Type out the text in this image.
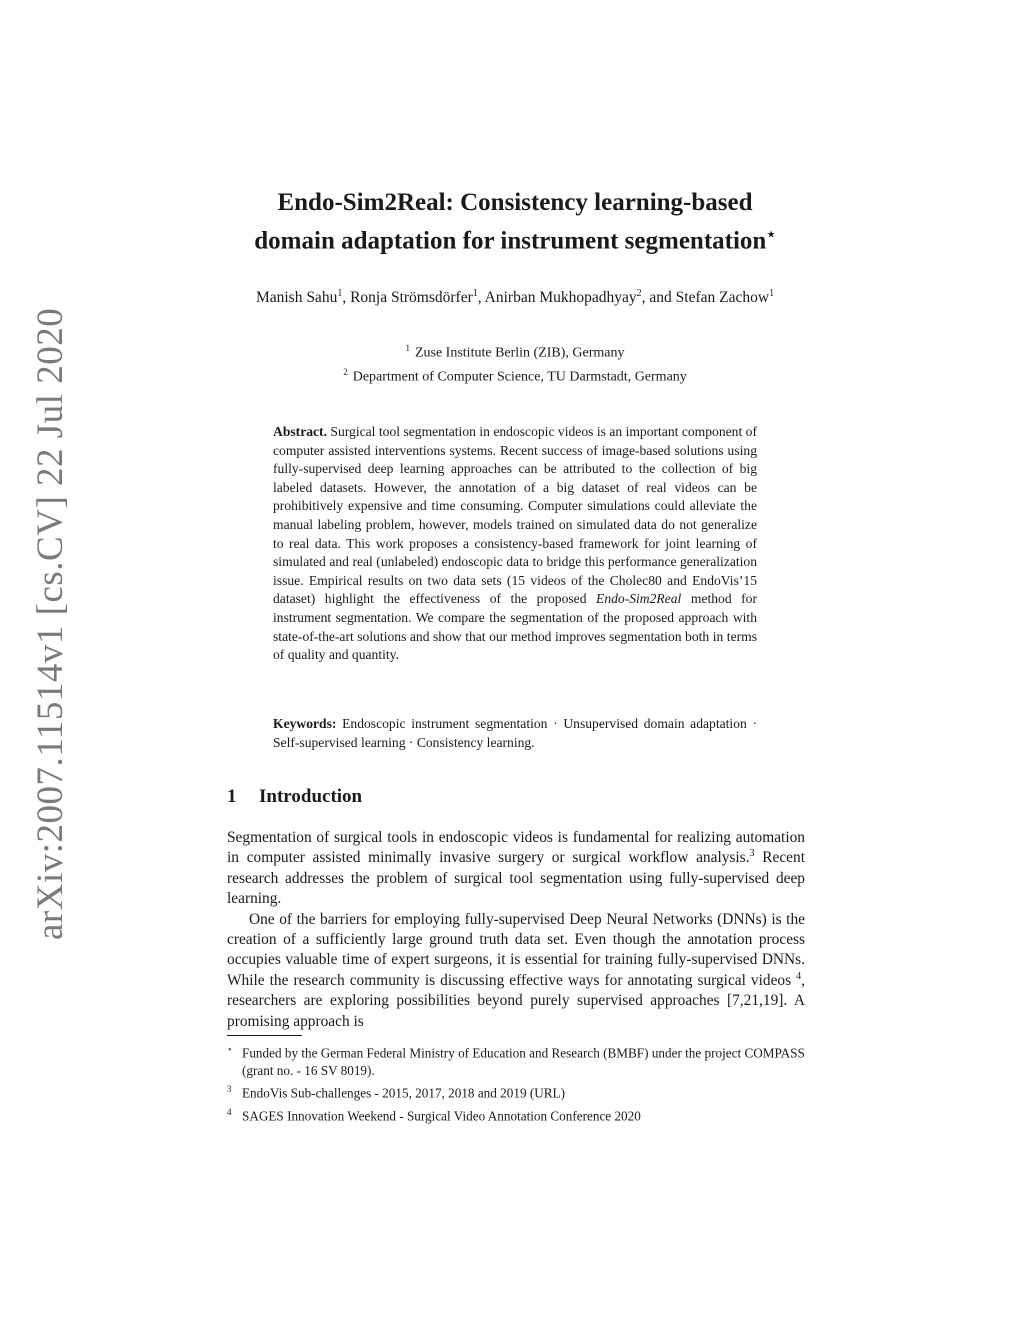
arXiv:2007.11514v1 [cs.CV] 22 Jul 2020
Endo-Sim2Real: Consistency learning-based
domain adaptation for instrument segmentation⋆
Manish Sahu$^1$, Ronja Strömsdörfer$^1$, Anirban Mukhopadhyay$^2$, and Stefan Zachow$^1$
$^1$ Zuse Institute Berlin (ZIB), Germany
$^2$ Department of Computer Science, TU Darmstadt, Germany

Abstract. Surgical tool segmentation in endoscopic videos is an important component of computer assisted interventions systems. Recent success of image-based solutions using fully-supervised deep learning approaches can be attributed to the collection of big labeled datasets. However, the annotation of a big dataset of real videos can be prohibitively expensive and time consuming. Computer simulations could alleviate the manual labeling problem, however, models trained on simulated data do not generalize to real data. This work proposes a consistency-based framework for joint learning of simulated and real (unlabeled) endoscopic data to bridge this performance generalization issue. Empirical results on two data sets (15 videos of the Cholec80 and EndoVis’15 dataset) highlight the effectiveness of the proposed Endo-Sim2Real method for instrument segmentation. We compare the segmentation of the proposed approach with state-of-the-art solutions and show that our method improves segmentation both in terms of quality and quantity.

Keywords: Endoscopic instrument segmentation · Unsupervised domain adaptation · Self-supervised learning · Consistency learning.

1 Introduction

Segmentation of surgical tools in endoscopic videos is fundamental for realizing automation in computer assisted minimally invasive surgery or surgical workflow analysis.$^3$ Recent research addresses the problem of surgical tool segmentation using fully-supervised deep learning.

One of the barriers for employing fully-supervised Deep Neural Networks (DNNs) is the creation of a sufficiently large ground truth data set. Even though the annotation process occupies valuable time of expert surgeons, it is essential for training fully-supervised DNNs. While the research community is discussing effective ways for annotating surgical videos $^4$, researchers are exploring possibilities beyond purely supervised approaches [7,21,19]. A promising approach is

⋆ Funded by the German Federal Ministry of Education and Research (BMBF) under the project COMPASS (grant no. - 16 SV 8019).
$^3$ EndoVis Sub-challenges - 2015, 2017, 2018 and 2019 (URL)
$^4$ SAGES Innovation Weekend - Surgical Video Annotation Conference 2020
